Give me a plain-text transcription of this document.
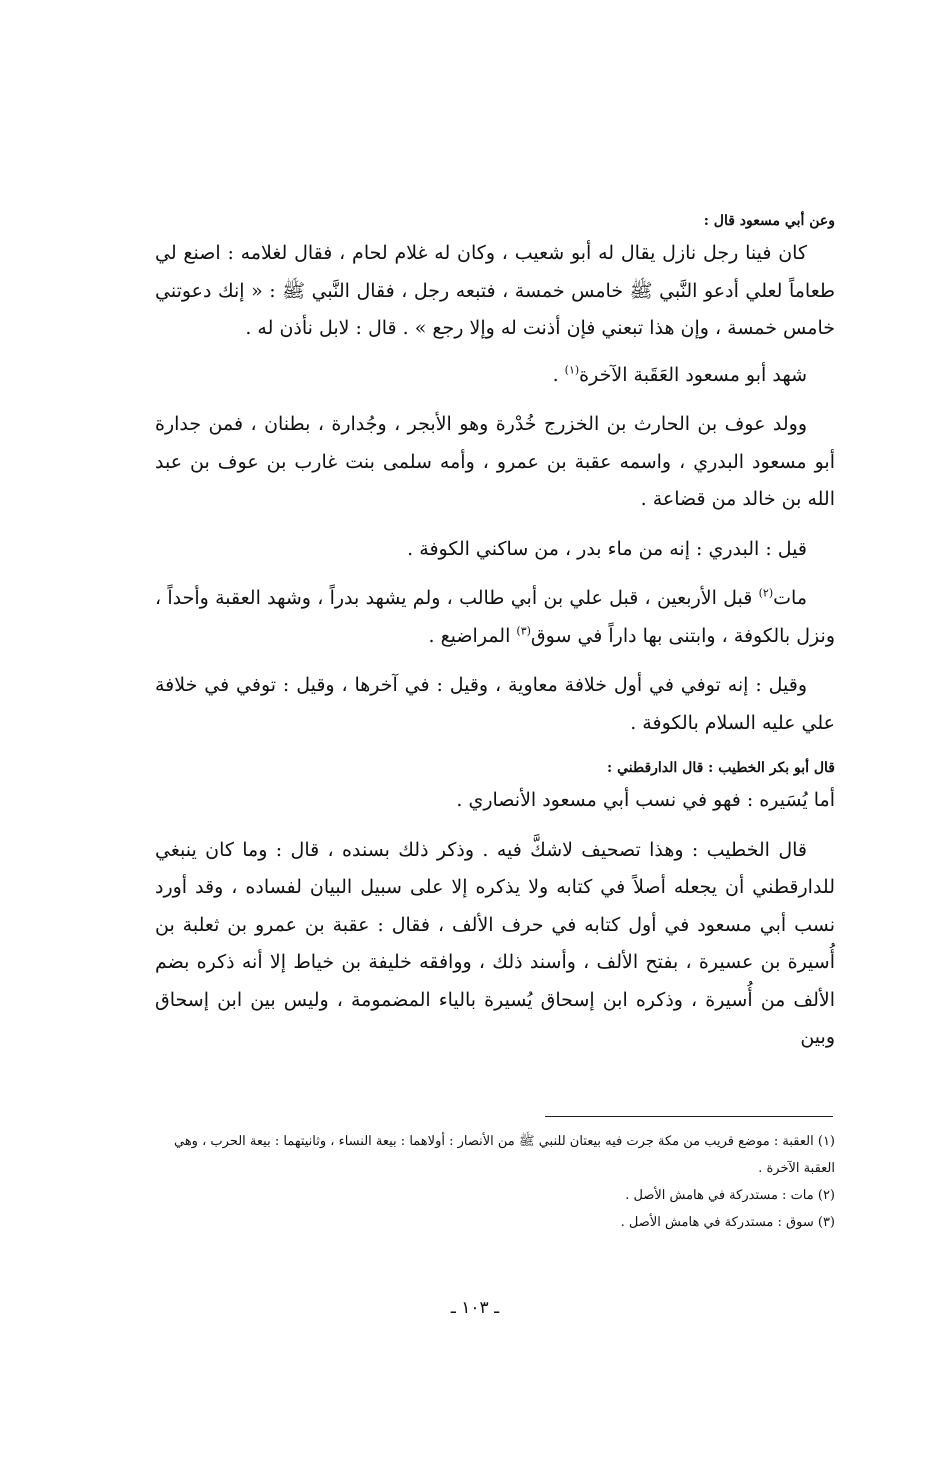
وعن أبي مسعود قال :

كان فينا رجل نازل يقال له أبو شعيب ، وكان له غلام لحام ، فقال لغلامه : اصنع لي طعاماً لعلي أدعو النَّبي ﷺ خامس خمسة ، فتبعه رجل ، فقال النَّبي ﷺ : « إنك دعوتني خامس خمسة ، وإن هذا تبعني فإن أذنت له وإلا رجع » . قال : لابل نأذن له .

شهد أبو مسعود العَقَبة الآخرة$^{(١)}$ .

وولد عوف بن الحارث بن الخزرج خُدْرة وهو الأبجر ، وجُدارة ، بطنان ، فمن جدارة أبو مسعود البدري ، واسمه عقبة بن عمرو ، وأمه سلمى بنت غارب بن عوف بن عبد الله بن خالد من قضاعة .

قيل : البدري : إنه من ماء بدر ، من ساكني الكوفة .

مات$^{(٢)}$ قبل الأربعين ، قبل علي بن أبي طالب ، ولم يشهد بدراً ، وشهد العقبة وأحداً ، ونزل بالكوفة ، وابتنى بها داراً في سوق$^{(٣)}$ المراضيع .

وقيل : إنه توفي في أول خلافة معاوية ، وقيل : في آخرها ، وقيل : توفي في خلافة علي عليه السلام بالكوفة .

قال أبو بكر الخطيب : قال الدارقطني :

أما يُسَيره : فهو في نسب أبي مسعود الأنصاري .

قال الخطيب : وهذا تصحيف لاشكَّ فيه . وذكر ذلك بسنده ، قال : وما كان ينبغي للدارقطني أن يجعله أصلاً في كتابه ولا يذكره إلا على سبيل البيان لفساده ، وقد أورد نسب أبي مسعود في أول كتابه في حرف الألف ، فقال : عقبة بن عمرو بن ثعلبة بن أُسيرة بن عسيرة ، بفتح الألف ، وأسند ذلك ، ووافقه خليفة بن خياط إلا أنه ذكره بضم الألف من أُسيرة ، وذكره ابن إسحاق يُسيرة بالياء المضمومة ، وليس بين ابن إسحاق وبين

(١) العقبة : موضع قريب من مكة جرت فيه بيعتان للنبي ﷺ من الأنصار : أولاهما : بيعة النساء ، وثانيتهما : بيعة الحرب ، وهي العقبة الآخرة .

(٢) مات : مستدركة في هامش الأصل .

(٣) سوق : مستدركة في هامش الأصل .

ـ ١٠٣ ـ
